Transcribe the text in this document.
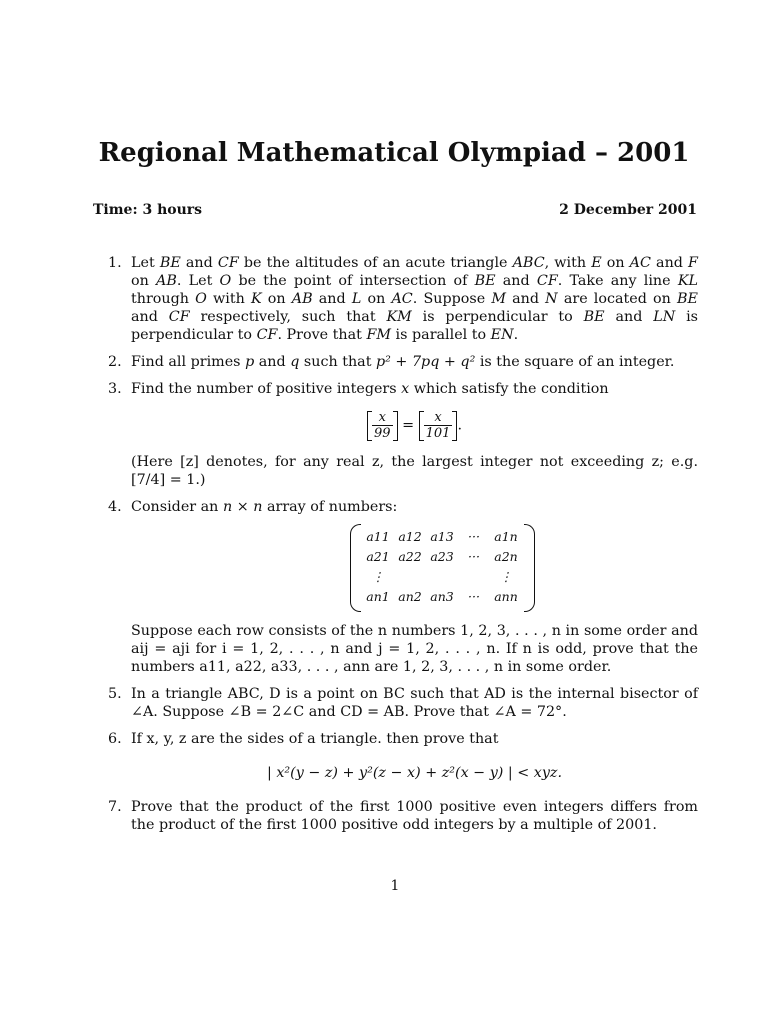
Regional Mathematical Olympiad – 2001
Time: 3 hours	2 December 2001
1. Let BE and CF be the altitudes of an acute triangle ABC, with E on AC and F on AB. Let O be the point of intersection of BE and CF. Take any line KL through O with K on AB and L on AC. Suppose M and N are located on BE and CF respectively, such that KM is perpendicular to BE and LN is perpendicular to CF. Prove that FM is parallel to EN.
2. Find all primes p and q such that p² + 7pq + q² is the square of an integer.
3. Find the number of positive integers x which satisfy the condition
$\frac{x}{99} = \frac{x}{101}$ .
(Here [z] denotes, for any real z, the largest integer not exceeding z; e.g. [7/4] = 1.)
4. Consider an n × n array of numbers:
a11 a12 a13	···	a1n
a21 a22 a23	···	a2n
⋮	⋮
an1 an2 an3	···	ann
Suppose each row consists of the n numbers 1, 2, 3, . . . , n in some order and aij = aji for i = 1, 2, . . . , n and j = 1, 2, . . . , n. If n is odd, prove that the numbers a11, a22, a33, . . . , ann are 1, 2, 3, . . . , n in some order.
5. In a triangle ABC, D is a point on BC such that AD is the internal bisector of ∠A. Suppose ∠B = 2∠C and CD = AB. Prove that ∠A = 72°.
6. If x, y, z are the sides of a triangle. then prove that
| x²(y − z) + y²(z − x) + z²(x − y) | < xyz.
7. Prove that the product of the first 1000 positive even integers differs from the product of the first 1000 positive odd integers by a multiple of 2001.
1
